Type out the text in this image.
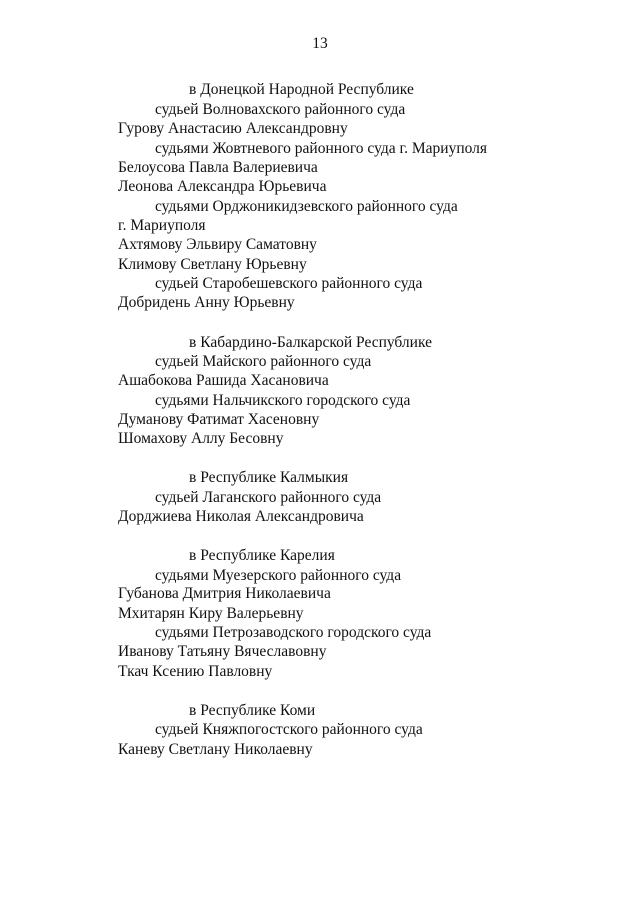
13
в Донецкой Народной Республике
судьей Волновахского районного суда
Гурову Анастасию Александровну
судьями Жовтневого районного суда г. Мариуполя
Белоусова Павла Валериевича
Леонова Александра Юрьевича
судьями Орджоникидзевского районного суда
г. Мариуполя
Ахтямову Эльвиру Саматовну
Климову Светлану Юрьевну
судьей Старобешевского районного суда
Добридень Анну Юрьевну
в Кабардино-Балкарской Республике
судьей Майского районного суда
Ашабокова Рашида Хасановича
судьями Нальчикского городского суда
Думанову Фатимат Хасеновну
Шомахову Аллу Бесовну
в Республике Калмыкия
судьей Лаганского районного суда
Дорджиева Николая Александровича
в Республике Карелия
судьями Муезерского районного суда
Губанова Дмитрия Николаевича
Мхитарян Киру Валерьевну
судьями Петрозаводского городского суда
Иванову Татьяну Вячеславовну
Ткач Ксению Павловну
в Республике Коми
судьей Княжпогостского районного суда
Каневу Светлану Николаевну
